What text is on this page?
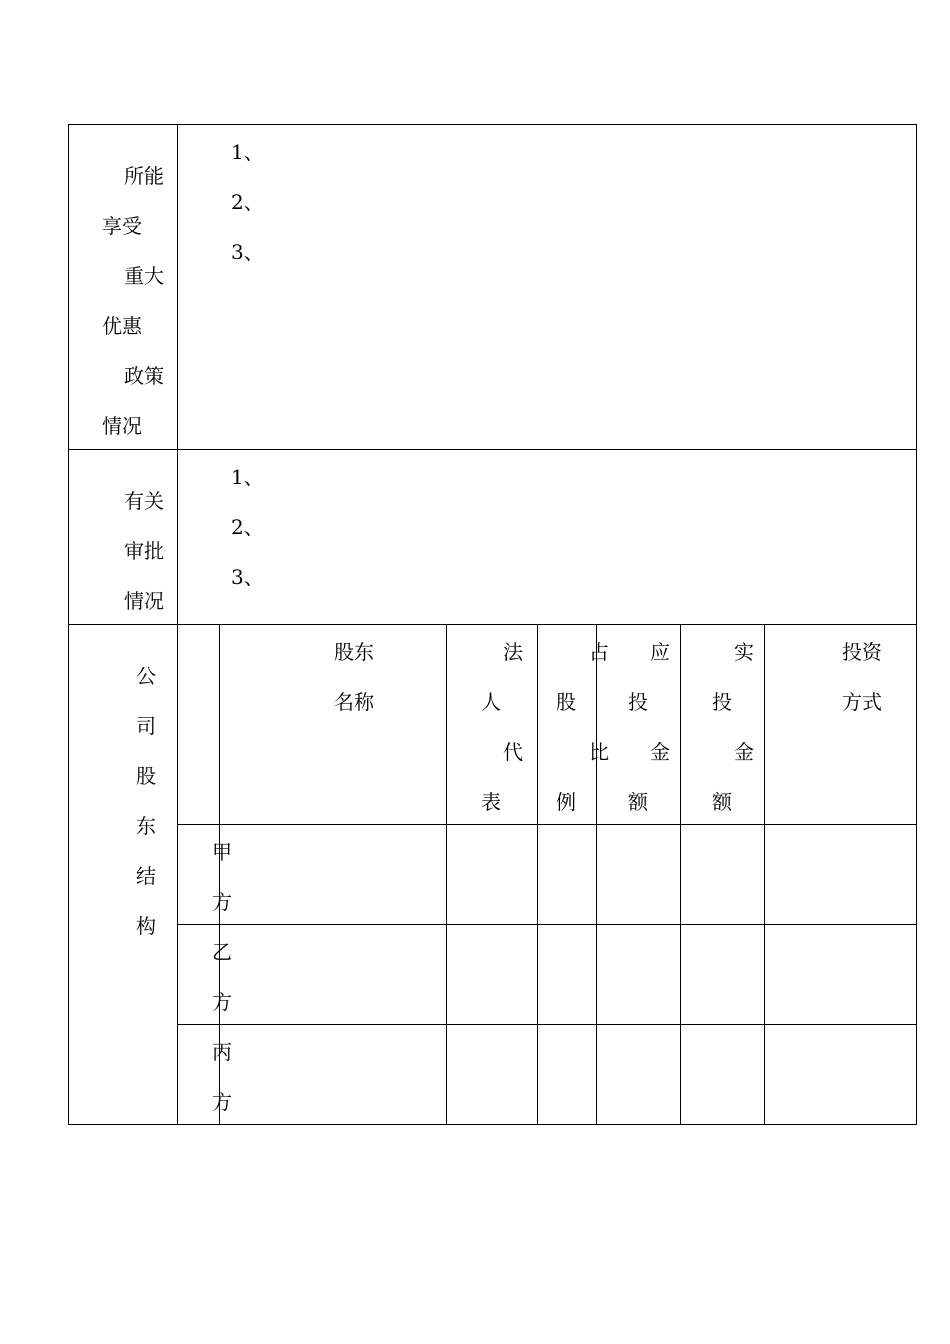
所能
享受
重大
优惠
政策
情况
1、
2、
3、
有关
审批
情况
1、
2、
3、
公
司
股
东
结
构
股东
名称
法
人
代
表
占
股
比
例
应
投
金
额
实
投
金
额
投资
方式
甲
方
乙
方
丙
方
